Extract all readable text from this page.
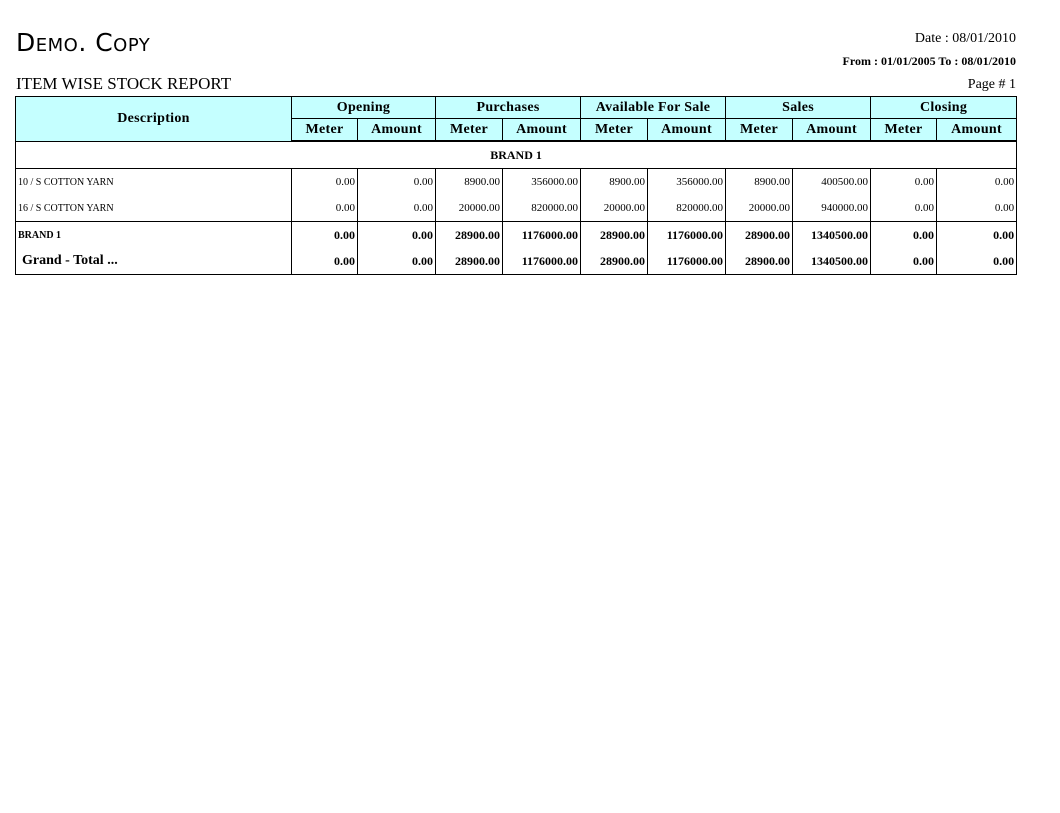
Demo. Copy	Date : 08/01/2010
From : 01/01/2005 To : 08/01/2010
ITEM WISE STOCK REPORT	Page # 1
Description	Opening		Purchases		Available For Sale		Sales		Closing	
	Meter	Amount	Meter	Amount	Meter	Amount	Meter	Amount	Meter	Amount
BRAND 1										
10 / S COTTON YARN	0.00	0.00	8900.00	356000.00	8900.00	356000.00	8900.00	400500.00	0.00	0.00
16 / S COTTON YARN	0.00	0.00	20000.00	820000.00	20000.00	820000.00	20000.00	940000.00	0.00	0.00
BRAND 1	0.00	0.00	28900.00	1176000.00	28900.00	1176000.00	28900.00	1340500.00	0.00	0.00
Grand - Total ...	0.00	0.00	28900.00	1176000.00	28900.00	1176000.00	28900.00	1340500.00	0.00	0.00
